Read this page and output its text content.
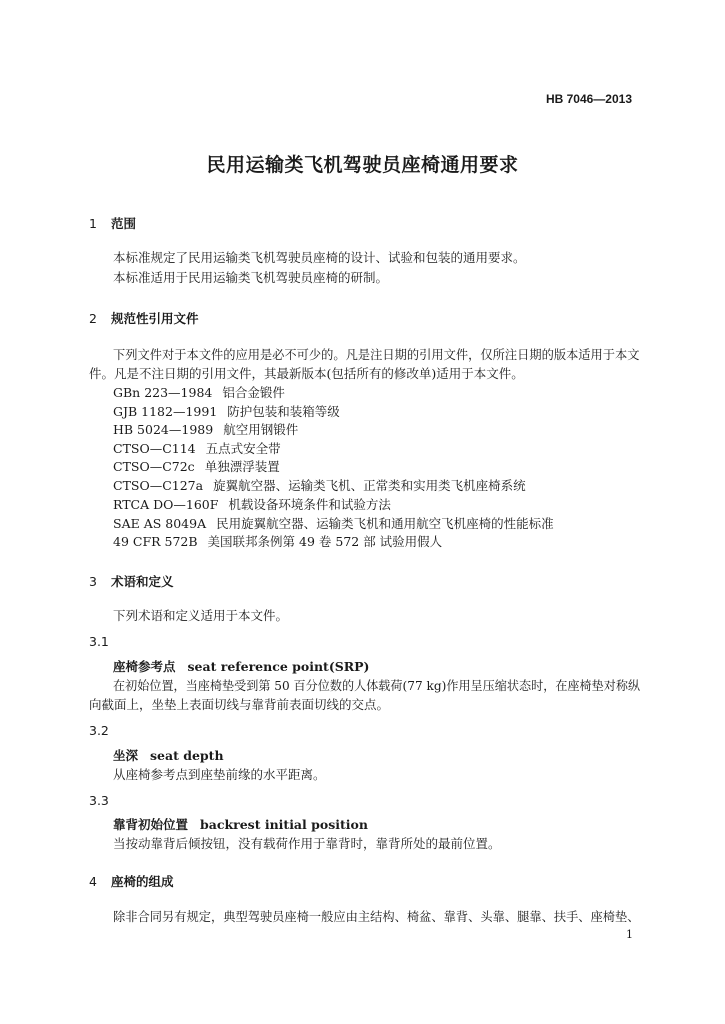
HB 7046—2013
民用运输类飞机驾驶员座椅通用要求
1 范围
本标准规定了民用运输类飞机驾驶员座椅的设计、试验和包装的通用要求。
本标准适用于民用运输类飞机驾驶员座椅的研制。
2 规范性引用文件
下列文件对于本文件的应用是必不可少的。凡是注日期的引用文件，仅所注日期的版本适用于本文
件。凡是不注日期的引用文件，其最新版本(包括所有的修改单)适用于本文件。
GBn 223—1984 铝合金锻件
GJB 1182—1991 防护包装和装箱等级
HB 5024—1989 航空用钢锻件
CTSO—C114 五点式安全带
CTSO—C72c 单独漂浮装置
CTSO—C127a 旋翼航空器、运输类飞机、正常类和实用类飞机座椅系统
RTCA DO—160F 机载设备环境条件和试验方法
SAE AS 8049A 民用旋翼航空器、运输类飞机和通用航空飞机座椅的性能标准
49 CFR 572B 美国联邦条例第 49 卷 572 部 试验用假人
3 术语和定义
下列术语和定义适用于本文件。
3.1
座椅参考点 seat reference point(SRP)
在初始位置，当座椅垫受到第 50 百分位数的人体载荷(77 kg)作用呈压缩状态时，在座椅垫对称纵
向截面上，坐垫上表面切线与靠背前表面切线的交点。
3.2
坐深 seat depth
从座椅参考点到座垫前缘的水平距离。
3.3
靠背初始位置 backrest initial position
当按动靠背后倾按钮，没有载荷作用于靠背时，靠背所处的最前位置。
4 座椅的组成
除非合同另有规定，典型驾驶员座椅一般应由主结构、椅盆、靠背、头靠、腿靠、扶手、座椅垫、
1
